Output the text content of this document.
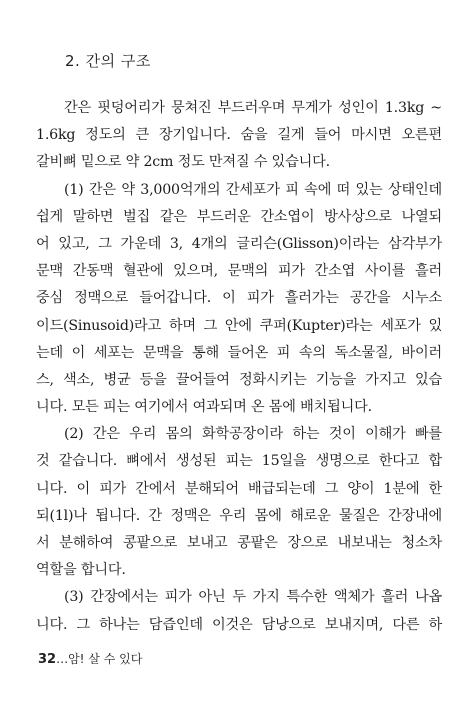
2. 간의 구조
간은 핏덩어리가 뭉쳐진 부드러우며 무게가 성인이 1.3kg ~
1.6kg 정도의 큰 장기입니다. 숨을 길게 들어 마시면 오른편
갈비뼈 밑으로 약 2cm 정도 만져질 수 있습니다.
(1) 간은 약 3,000억개의 간세포가 피 속에 떠 있는 상태인데
쉽게 말하면 벌집 같은 부드러운 간소엽이 방사상으로 나열되
어 있고, 그 가운데 3, 4개의 글리슨(Glisson)이라는 삼각부가
문맥 간동맥 혈관에 있으며, 문맥의 피가 간소엽 사이를 흘러
중심 정맥으로 들어갑니다. 이 피가 흘러가는 공간을 시누소
이드(Sinusoid)라고 하며 그 안에 쿠퍼(Kupter)라는 세포가 있
는데 이 세포는 문맥을 통해 들어온 피 속의 독소물질, 바이러
스, 색소, 병균 등을 끌어들여 정화시키는 기능을 가지고 있습
니다. 모든 피는 여기에서 여과되며 온 몸에 배치됩니다.
(2) 간은 우리 몸의 화학공장이라 하는 것이 이해가 빠를
것 같습니다. 뼈에서 생성된 피는 15일을 생명으로 한다고 합
니다. 이 피가 간에서 분해되어 배급되는데 그 양이 1분에 한
되(1l)나 됩니다. 간 정맥은 우리 몸에 해로운 물질은 간장내에
서 분해하여 콩팥으로 보내고 콩팥은 장으로 내보내는 청소차
역할을 합니다.
(3) 간장에서는 피가 아닌 두 가지 특수한 액체가 흘러 나옵
니다. 그 하나는 담즙인데 이것은 담낭으로 보내지며, 다른 하
32…암! 살 수 있다
